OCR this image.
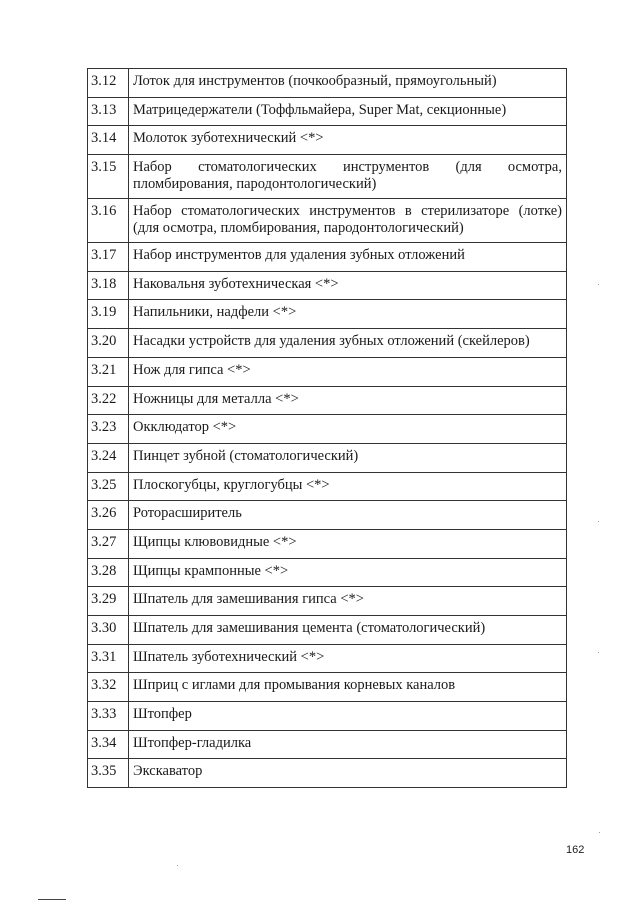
3.12	Лоток для инструментов (почкообразный, прямоугольный)
3.13	Матрицедержатели (Тоффльмайера, Super Mat, секционные)
3.14	Молоток зуботехнический <*>
3.15	Набор стоматологических инструментов (для осмотра, пломбирования, пародонтологический)
3.16	Набор стоматологических инструментов в стерилизаторе (лотке) (для осмотра, пломбирования, пародонтологический)
3.17	Набор инструментов для удаления зубных отложений
3.18	Наковальня зуботехническая <*>
3.19	Напильники, надфели <*>
3.20	Насадки устройств для удаления зубных отложений (скейлеров)
3.21	Нож для гипса <*>
3.22	Ножницы для металла <*>
3.23	Окклюдатор <*>
3.24	Пинцет зубной (стоматологический)
3.25	Плоскогубцы, круглогубцы <*>
3.26	Роторасширитель
3.27	Щипцы клювовидные <*>
3.28	Щипцы крампонные <*>
3.29	Шпатель для замешивания гипса <*>
3.30	Шпатель для замешивания цемента (стоматологический)
3.31	Шпатель зуботехнический <*>
3.32	Шприц с иглами для промывания корневых каналов
3.33	Штопфер
3.34	Штопфер-гладилка
3.35	Экскаватор
162
